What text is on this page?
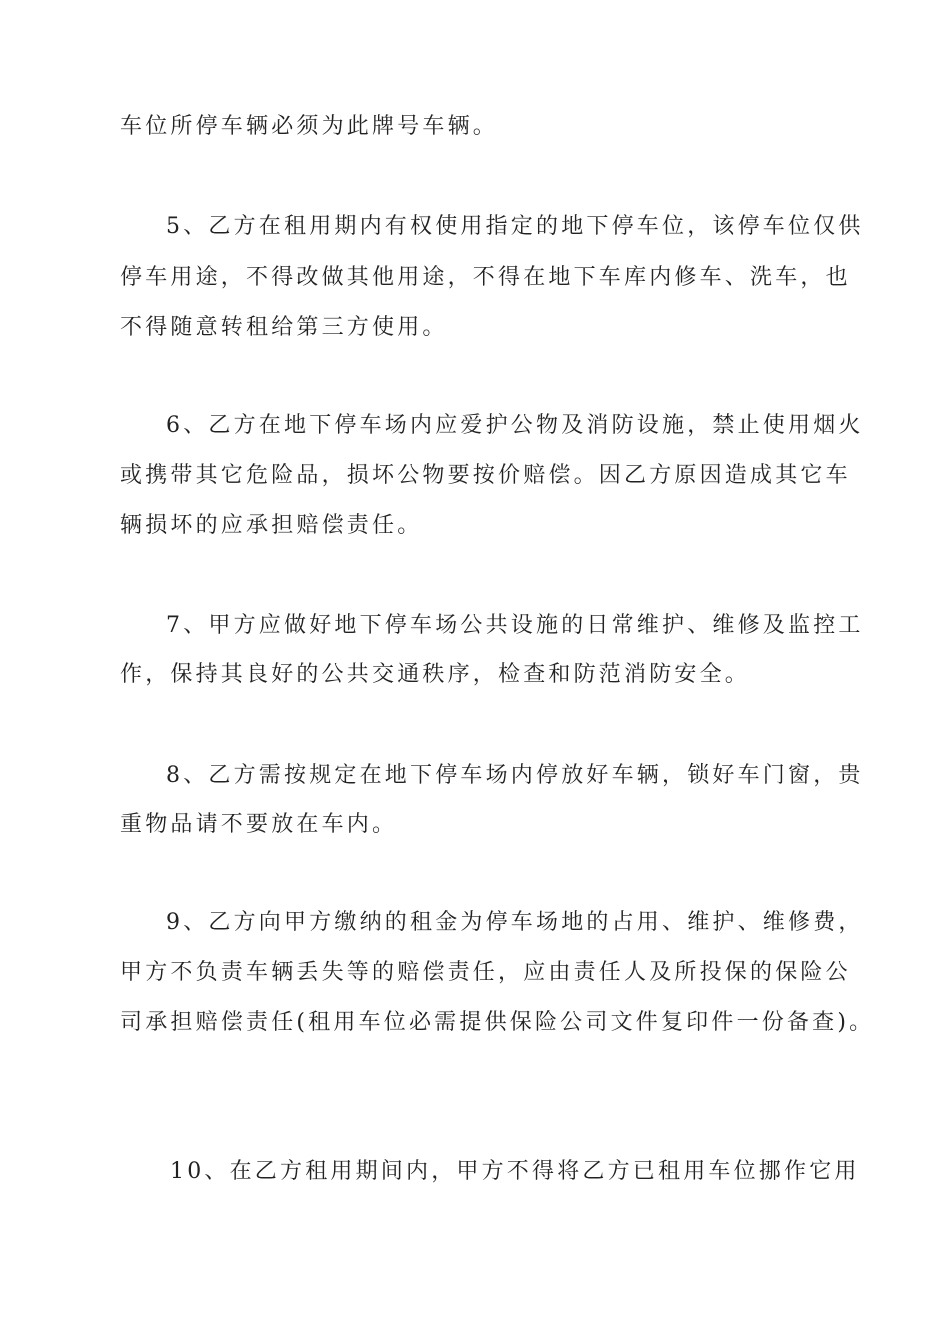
车位所停车辆必须为此牌号车辆。

5、乙方在租用期内有权使用指定的地下停车位，该停车位仅供

停车用途，不得改做其他用途，不得在地下车库内修车、洗车，也

不得随意转租给第三方使用。

6、乙方在地下停车场内应爱护公物及消防设施，禁止使用烟火

或携带其它危险品，损坏公物要按价赔偿。因乙方原因造成其它车

辆损坏的应承担赔偿责任。

7、甲方应做好地下停车场公共设施的日常维护、维修及监控工

作，保持其良好的公共交通秩序，检查和防范消防安全。

8、乙方需按规定在地下停车场内停放好车辆，锁好车门窗，贵

重物品请不要放在车内。

9、乙方向甲方缴纳的租金为停车场地的占用、维护、维修费，

甲方不负责车辆丢失等的赔偿责任，应由责任人及所投保的保险公

司承担赔偿责任(租用车位必需提供保险公司文件复印件一份备查)。

10、在乙方租用期间内，甲方不得将乙方已租用车位挪作它用
